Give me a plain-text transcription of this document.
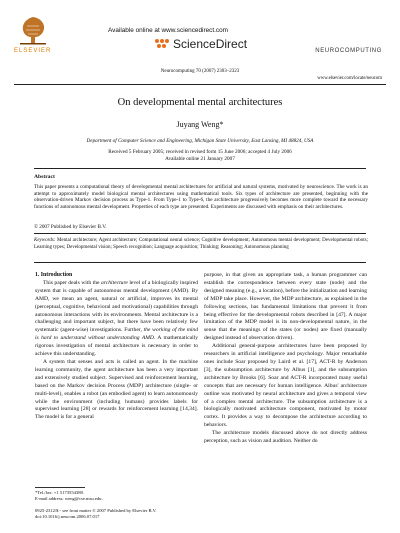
ELSEVIER
Available online at www.sciencedirect.com
ScienceDirect	NEUROCOMPUTING
Neurocomputing 70 (2007) 2303–2323
www.elsevier.com/locate/neucom
On developmental mental architectures
Juyang Weng*
Department of Computer Science and Engineering, Michigan State University, East Lansing, MI 48824, USA
Received 5 February 2005; received in revised form 15 June 2006; accepted 4 July 2006
Available online 21 January 2007
Abstract
This paper presents a computational theory of developmental mental architectures for artificial and natural systems, motivated by neuroscience. The work is an attempt to approximately model biological mental architectures using mathematical tools. Six types of architecture are presented, beginning with the observation-driven Markov decision process as Type-1. From Type-1 to Type-6, the architecture progressively becomes more complete toward the necessary functions of autonomous mental development. Properties of each type are presented. Experiments are discussed with emphasis on their architectures.
© 2007 Published by Elsevier B.V.
Keywords: Mental architecture; Agent architecture; Computational neural science; Cognitive development; Autonomous mental development; Developmental robots; Learning types; Developmental vision; Speech recognition; Language acquisition; Thinking; Reasoning; Autonomous planning

1. Introduction

This paper deals with the architecture level of a biologically inspired system that is capable of autonomous mental development (AMD). By AMD, we mean an agent, natural or artificial, improves its mental (perceptual, cognitive, behavioral and motivational) capabilities through autonomous interactions with its environments. Mental architecture is a challenging and important subject, but there have been relatively few systematic (agent-wise) investigations. Further, the working of the mind is hard to understand without understanding AMD. A mathematically rigorous investigation of mental architecture is necessary in order to achieve this understanding.

A system that senses and acts is called an agent. In the machine learning community, the agent architecture has been a very important and extensively studied subject. Supervised and reinforcement learning, based on the Markov decision Process (MDP) architecture (single- or multi-level), enables a robot (an embodied agent) to learn autonomously while the environment (including humans) provides labels for supervised learning [28] or rewards for reinforcement learning [14,34]. The model is for a general

purpose, in that given an appropriate task, a human programmer can establish the correspondence between every state (node) and the designed meaning (e.g., a location), before the initialization and learning of MDP take place. However, the MDP architecture, as explained in the following sections, has fundamental limitations that prevent it from being effective for the developmental robots described in [47]. A major limitation of the MDP model is its non-developmental nature, in the sense that the meanings of the states (or nodes) are fixed (manually designed instead of observation driven).

Additional general-purpose architectures have been proposed by researchers in artificial intelligence and psychology. Major remarkable ones include Soar proposed by Laird et al. [17], ACT-R by Anderson [3], the subsumption architecture by Albus [1], and the subsumption architecture by Brooks [6]. Soar and ACT-R incorporated many useful concepts that are necessary for human intelligence. Albus' architecture outline was motivated by neural architecture and gives a temporal view of a complex mental architecture. The subsumption architecture is a biologically motivated architecture component, motivated by motor cortex. It provides a way to decompose the architecture according to behaviors.

The architecture models discussed above do not directly address perception, such as vision and audition. Neither do

*Tel./fax: +1 5173554388.
E-mail address: weng@cse.msu.edu.
0925-2312/$ - see front matter © 2007 Published by Elsevier B.V.
doi:10.1016/j.neucom.2006.07.017
